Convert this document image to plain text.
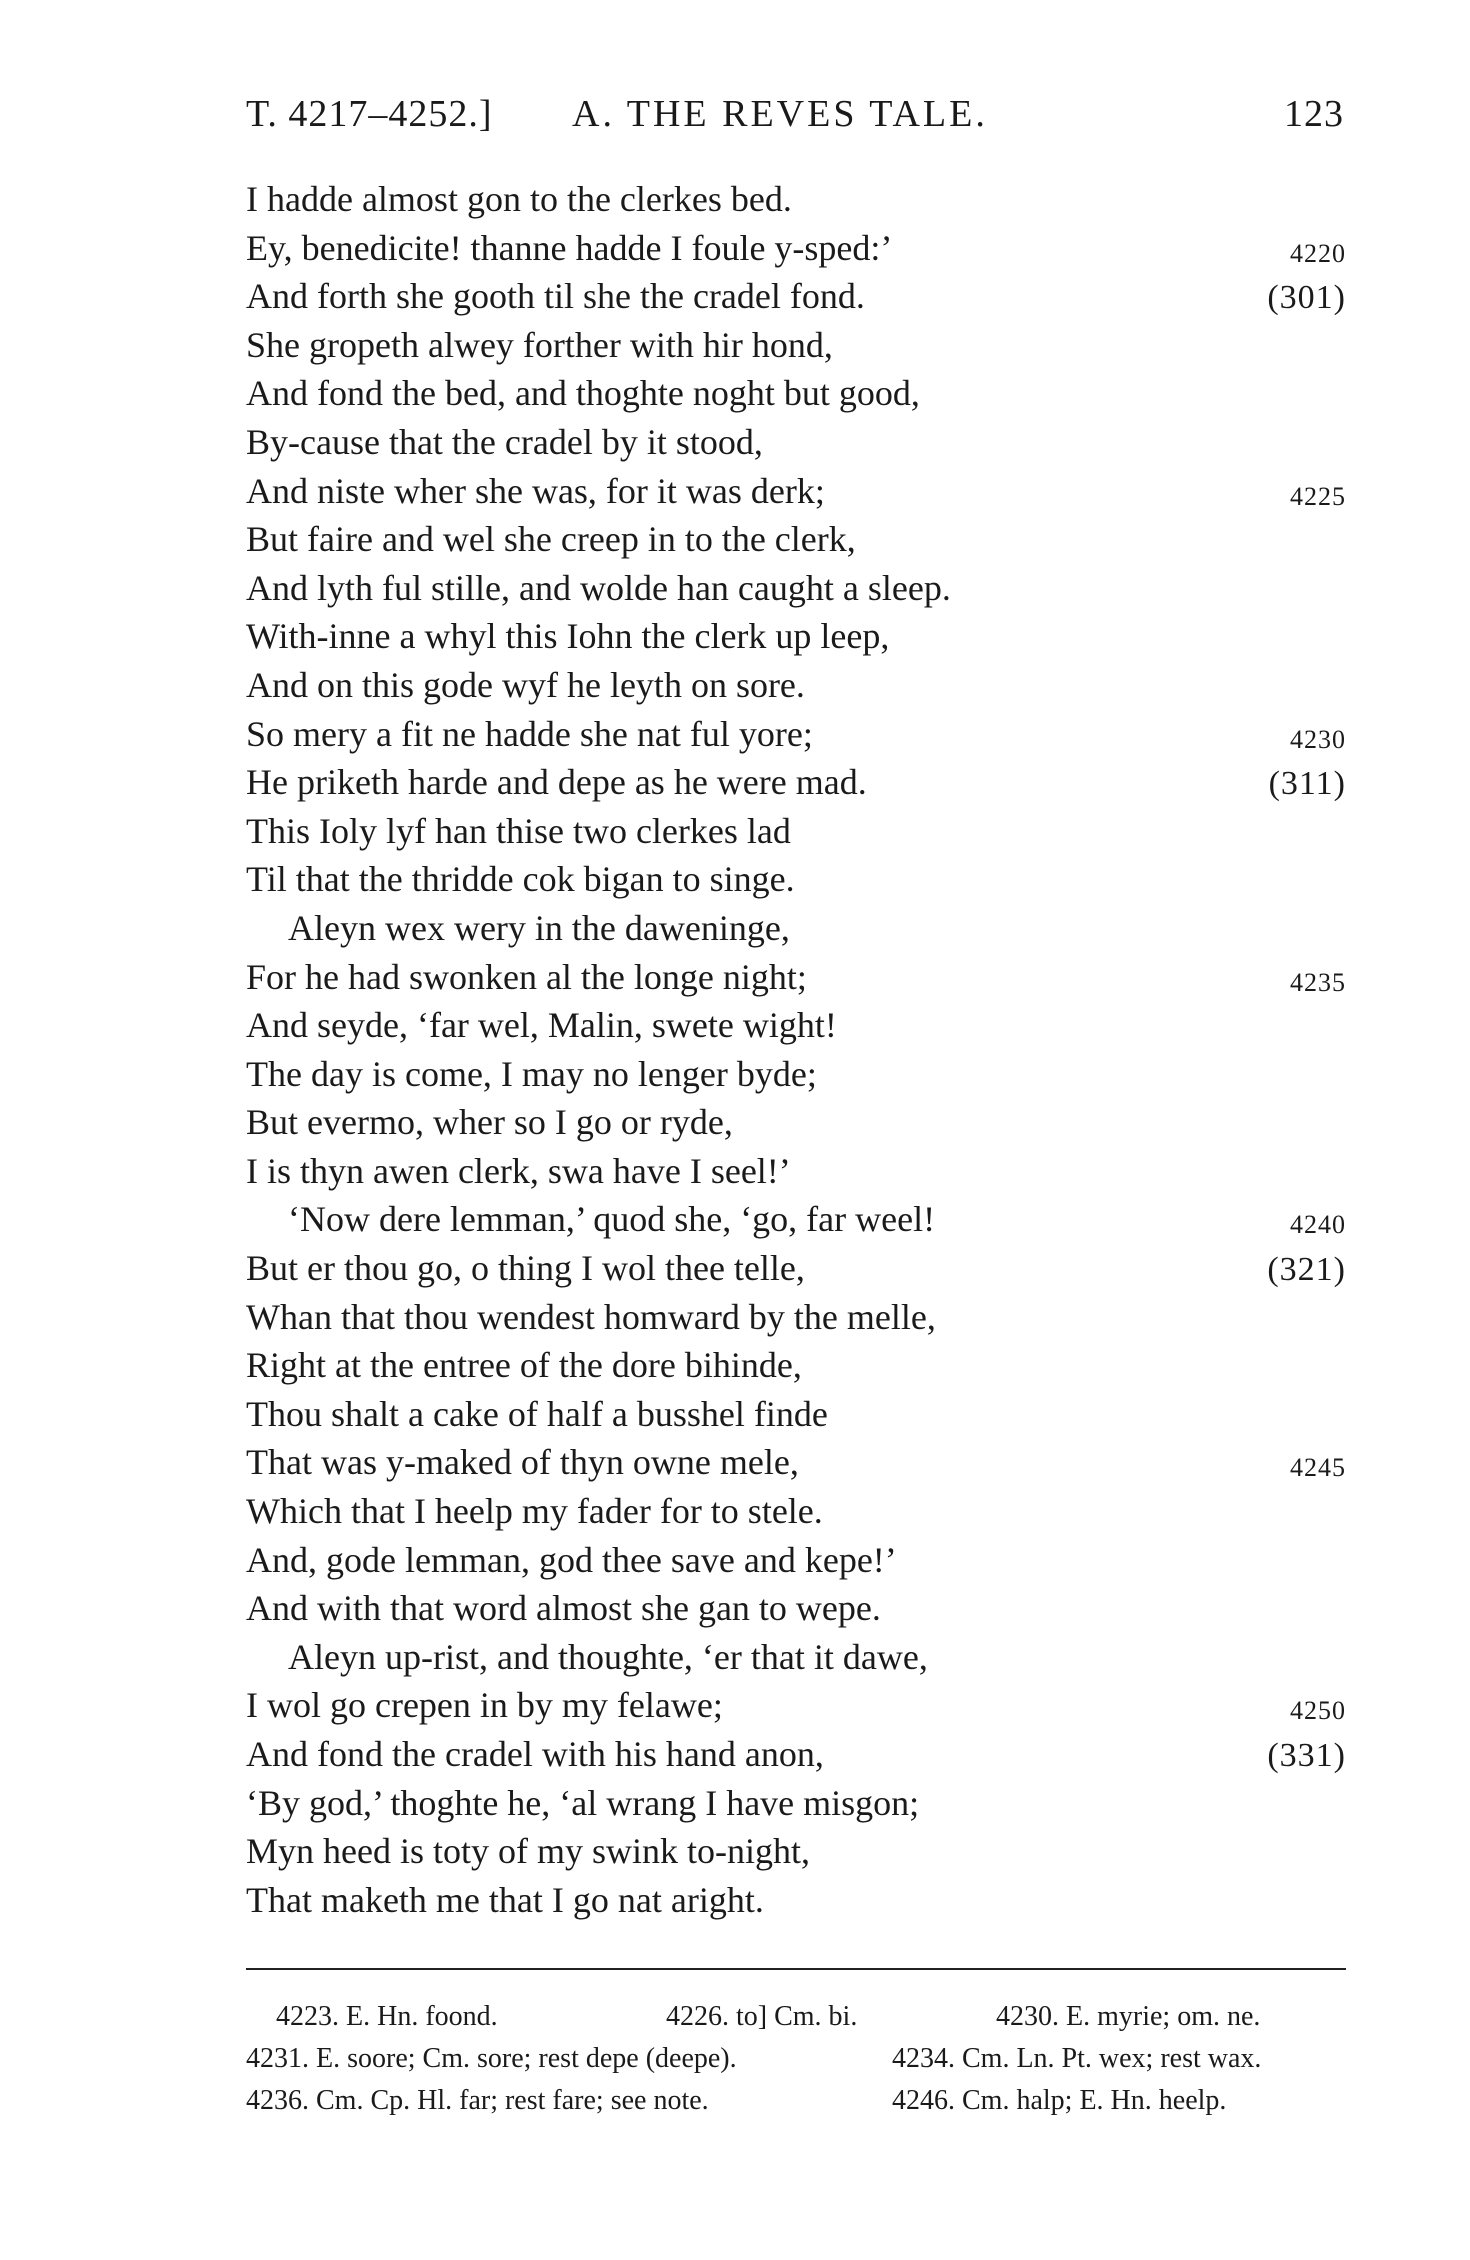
T. 4217–4252.] A. THE REVES TALE.	123
I hadde almost gon to the clerkes bed.
Ey, benedicite! thanne hadde I foule y-sped:’	4220
And forth she gooth til she the cradel fond.	(301)
She gropeth alwey forther with hir hond,
And fond the bed, and thoghte noght but good,
By-cause that the cradel by it stood,
And niste wher she was, for it was derk;	4225
But faire and wel she creep in to the clerk,
And lyth ful stille, and wolde han caught a sleep.
With-inne a whyl this Iohn the clerk up leep,
And on this gode wyf he leyth on sore.
So mery a fit ne hadde she nat ful yore;	4230
He priketh harde and depe as he were mad.	(311)
This Ioly lyf han thise two clerkes lad
Til that the thridde cok bigan to singe.
Aleyn wex wery in the daweninge,
For he had swonken al the longe night;	4235
And seyde, ‘far wel, Malin, swete wight!
The day is come, I may no lenger byde;
But evermo, wher so I go or ryde,
I is thyn awen clerk, swa have I seel!’
‘Now dere lemman,’ quod she, ‘go, far weel!	4240
But er thou go, o thing I wol thee telle,	(321)
Whan that thou wendest homward by the melle,
Right at the entree of the dore bihinde,
Thou shalt a cake of half a busshel finde
That was y-maked of thyn owne mele,	4245
Which that I heelp my fader for to stele.
And, gode lemman, god thee save and kepe!’
And with that word almost she gan to wepe.
Aleyn up-rist, and thoughte, ‘er that it dawe,
I wol go crepen in by my felawe;	4250
And fond the cradel with his hand anon,	(331)
‘By god,’ thoghte he, ‘al wrang I have misgon;
Myn heed is toty of my swink to-night,
That maketh me that I go nat aright.
4223. E. Hn. foond.	4226. to] Cm. bi.	4230. E. myrie; om. ne.
4231. E. soore; Cm. sore; rest depe (deepe).	4234. Cm. Ln. Pt. wex; rest wax.
4236. Cm. Cp. Hl. far; rest fare; see note.	4246. Cm. halp; E. Hn. heelp.
